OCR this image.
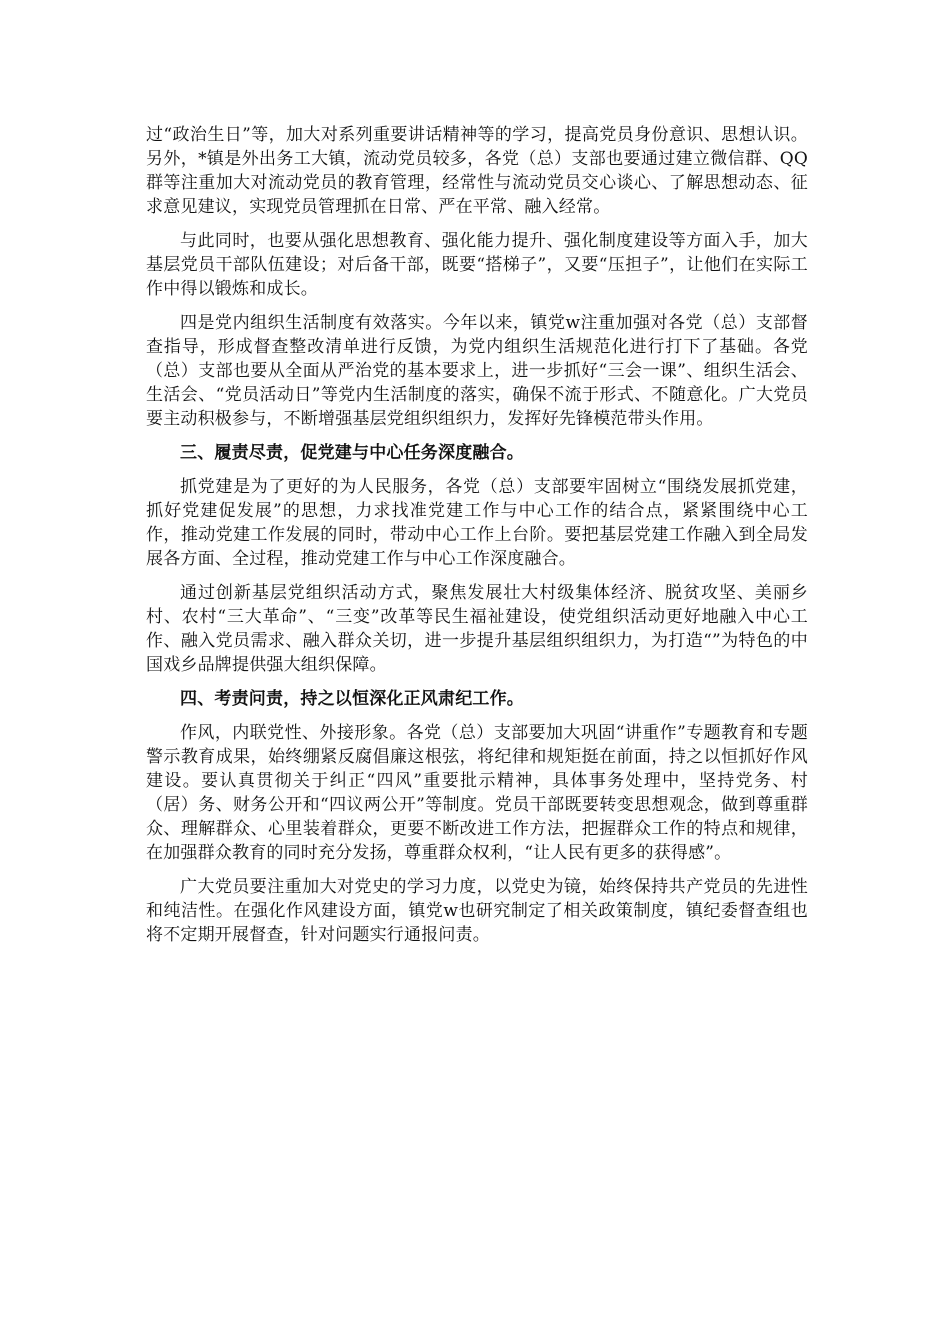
过“政治生日”等，加大对系列重要讲话精神等的学习，提高党员身份意识、思想认识。另外，*镇是外出务工大镇，流动党员较多，各党（总）支部也要通过建立微信群、QQ群等注重加大对流动党员的教育管理，经常性与流动党员交心谈心、了解思想动态、征求意见建议，实现党员管理抓在日常、严在平常、融入经常。

与此同时，也要从强化思想教育、强化能力提升、强化制度建设等方面入手，加大基层党员干部队伍建设；对后备干部，既要“搭梯子”，又要“压担子”，让他们在实际工作中得以锻炼和成长。

四是党内组织生活制度有效落实。今年以来，镇党w注重加强对各党（总）支部督查指导，形成督查整改清单进行反馈，为党内组织生活规范化进行打下了基础。各党（总）支部也要从全面从严治党的基本要求上，进一步抓好“三会一课”、组织生活会、生活会、“党员活动日”等党内生活制度的落实，确保不流于形式、不随意化。广大党员要主动积极参与，不断增强基层党组织组织力，发挥好先锋模范带头作用。

三、履责尽责，促党建与中心任务深度融合。

抓党建是为了更好的为人民服务，各党（总）支部要牢固树立“围绕发展抓党建，抓好党建促发展”的思想，力求找准党建工作与中心工作的结合点，紧紧围绕中心工作，推动党建工作发展的同时，带动中心工作上台阶。要把基层党建工作融入到全局发展各方面、全过程，推动党建工作与中心工作深度融合。

通过创新基层党组织活动方式，聚焦发展壮大村级集体经济、脱贫攻坚、美丽乡村、农村“三大革命”、“三变”改革等民生福祉建设，使党组织活动更好地融入中心工作、融入党员需求、融入群众关切，进一步提升基层组织组织力，为打造“”为特色的中国戏乡品牌提供强大组织保障。

四、考责问责，持之以恒深化正风肃纪工作。

作风，内联党性、外接形象。各党（总）支部要加大巩固“讲重作”专题教育和专题警示教育成果，始终绷紧反腐倡廉这根弦，将纪律和规矩挺在前面，持之以恒抓好作风建设。要认真贯彻关于纠正“四风”重要批示精神，具体事务处理中，坚持党务、村（居）务、财务公开和“四议两公开”等制度。党员干部既要转变思想观念，做到尊重群众、理解群众、心里装着群众，更要不断改进工作方法，把握群众工作的特点和规律，在加强群众教育的同时充分发扬，尊重群众权利，“让人民有更多的获得感”。

广大党员要注重加大对党史的学习力度，以党史为镜，始终保持共产党员的先进性和纯洁性。在强化作风建设方面，镇党w也研究制定了相关政策制度，镇纪委督查组也将不定期开展督查，针对问题实行通报问责。
